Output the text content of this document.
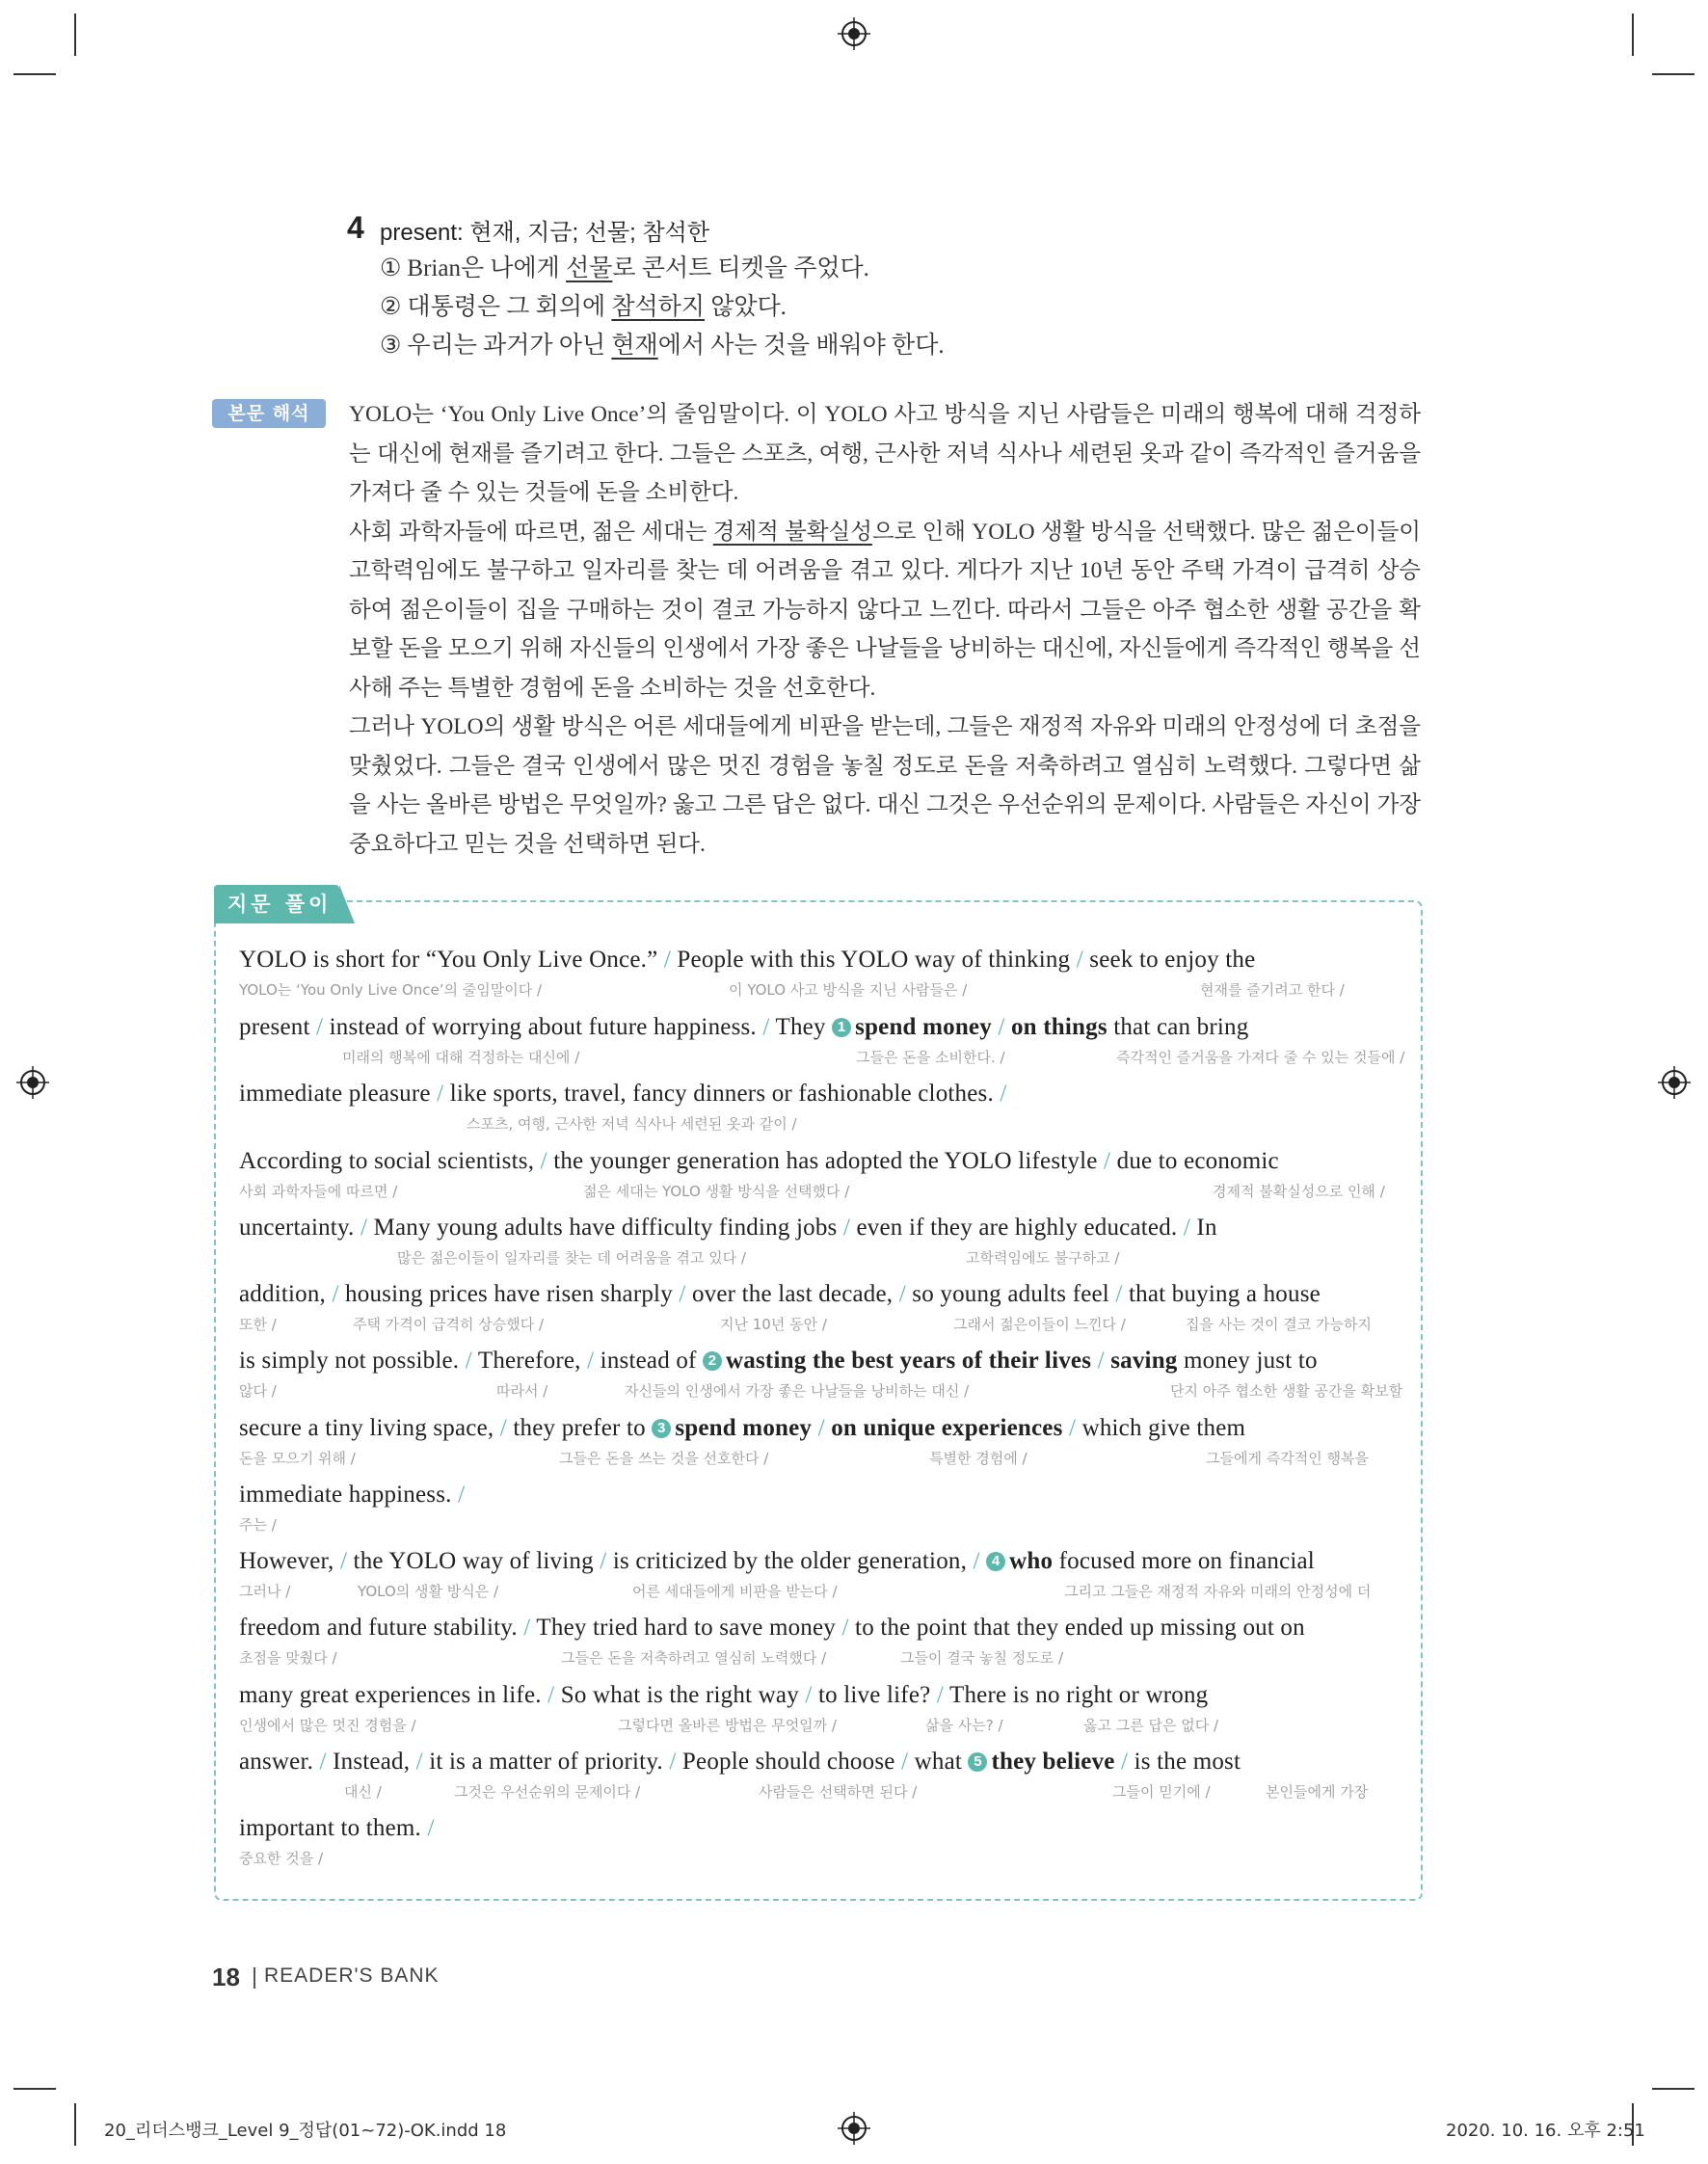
4 present: 현재, 지금; 선물; 참석한
① Brian은 나에게 선물로 콘서트 티켓을 주었다.
② 대통령은 그 회의에 참석하지 않았다.
③ 우리는 과거가 아닌 현재에서 사는 것을 배워야 한다.
본문 해석	YOLO는 ‘You Only Live Once’의 줄임말이다. 이 YOLO 사고 방식을 지닌 사람들은 미래의 행복에 대해 걱정하는 대신에 현재를 즐기려고 한다. 그들은 스포츠, 여행, 근사한 저녁 식사나 세련된 옷과 같이 즉각적인 즐거움을 가져다 줄 수 있는 것들에 돈을 소비한다.

사회 과학자들에 따르면, 젊은 세대는 경제적 불확실성으로 인해 YOLO 생활 방식을 선택했다. 많은 젊은이들이 고학력임에도 불구하고 일자리를 찾는 데 어려움을 겪고 있다. 게다가 지난 10년 동안 주택 가격이 급격히 상승하여 젊은이들이 집을 구매하는 것이 결코 가능하지 않다고 느낀다. 따라서 그들은 아주 협소한 생활 공간을 확보할 돈을 모으기 위해 자신들의 인생에서 가장 좋은 나날들을 낭비하는 대신에, 자신들에게 즉각적인 행복을 선사해 주는 특별한 경험에 돈을 소비하는 것을 선호한다.

그러나 YOLO의 생활 방식은 어른 세대들에게 비판을 받는데, 그들은 재정적 자유와 미래의 안정성에 더 초점을 맞췄었다. 그들은 결국 인생에서 많은 멋진 경험을 놓칠 정도로 돈을 저축하려고 열심히 노력했다. 그렇다면 삶을 사는 올바른 방법은 무엇일까? 옳고 그른 답은 없다. 대신 그것은 우선순위의 문제이다. 사람들은 자신이 가장 중요하다고 믿는 것을 선택하면 된다.

지문 풀이
YOLO is short for “You Only Live Once.” / People with this YOLO way of thinking / seek to enjoy the
YOLO는 ‘You Only Live Once’의 줄임말이다 /	이 YOLO 사고 방식을 지닌 사람들은 /	현재를 즐기려고 한다 /
present / instead of worrying about future happiness. / They 1 spend money / on things that can bring
미래의 행복에 대해 걱정하는 대신에 /	그들은 돈을 소비한다. /	즉각적인 즐거움을 가져다 줄 수 있는 것들에 /
immediate pleasure / like sports, travel, fancy dinners or fashionable clothes. /
스포츠, 여행, 근사한 저녁 식사나 세련된 옷과 같이 /
According to social scientists, / the younger generation has adopted the YOLO lifestyle / due to economic
사회 과학자들에 따르면 /	젊은 세대는 YOLO 생활 방식을 선택했다 /	경제적 불확실성으로 인해 /
uncertainty. / Many young adults have difficulty finding jobs / even if they are highly educated. / In
많은 젊은이들이 일자리를 찾는 데 어려움을 겪고 있다 /	고학력임에도 불구하고 /
addition, / housing prices have risen sharply / over the last decade, / so young adults feel / that buying a house
또한 /	주택 가격이 급격히 상승했다 /	지난 10년 동안 /	그래서 젊은이들이 느낀다 /	집을 사는 것이 결코 가능하지
is simply not possible. / Therefore, / instead of 2 wasting the best years of their lives / saving money just to
않다 /	따라서 /	자신들의 인생에서 가장 좋은 나날들을 낭비하는 대신 /	단지 아주 협소한 생활 공간을 확보할
secure a tiny living space, / they prefer to 3 spend money / on unique experiences / which give them
돈을 모으기 위해 /	그들은 돈을 쓰는 것을 선호한다 /	특별한 경험에 /	그들에게 즉각적인 행복을
immediate happiness. /
주는 /
However, / the YOLO way of living / is criticized by the older generation, / 4 who focused more on financial
그러나 /	YOLO의 생활 방식은 /	어른 세대들에게 비판을 받는다 /	그리고 그들은 재정적 자유와 미래의 안정성에 더
freedom and future stability. / They tried hard to save money / to the point that they ended up missing out on
초점을 맞췄다 /	그들은 돈을 저축하려고 열심히 노력했다 /	그들이 결국 놓칠 정도로 /
many great experiences in life. / So what is the right way / to live life? / There is no right or wrong
인생에서 많은 멋진 경험을 /	그렇다면 올바른 방법은 무엇일까 /	삶을 사는? /	옳고 그른 답은 없다 /
answer. / Instead, / it is a matter of priority. / People should choose / what 5 they believe / is the most
대신 /	그것은 우선순위의 문제이다 /	사람들은 선택하면 된다 /	그들이 믿기에 /	본인들에게 가장
important to them. /
중요한 것을 /
18 READER'S BANK
20_리더스뱅크_Level 9_정답(01~72)-OK.indd 18	2020. 10. 16. 오후 2:51
